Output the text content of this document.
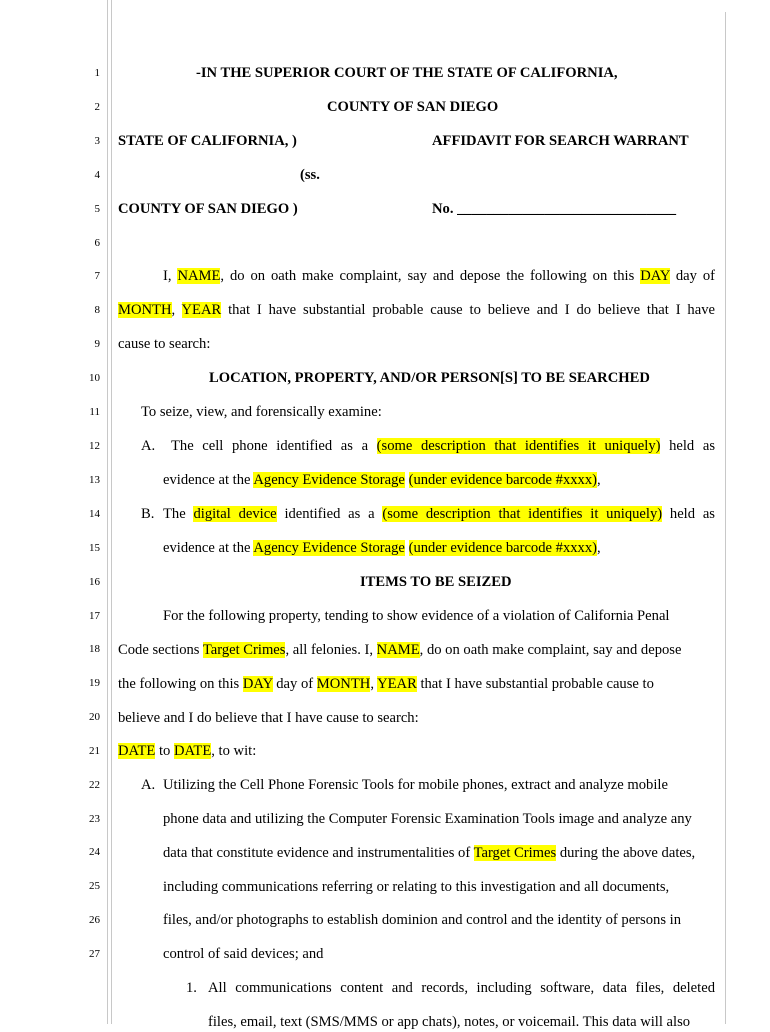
1
2
3
4
5
6
7
8
9
10
11
12
13
14
15
16
17
18
19
20
21
22
23
24
25
26
27
-IN THE SUPERIOR COURT OF THE STATE OF CALIFORNIA,
COUNTY OF SAN DIEGO
STATE OF CALIFORNIA, )	AFFIDAVIT FOR SEARCH WARRANT
(ss.
COUNTY OF SAN DIEGO )	No. ______________________________
I, NAME, do on oath make complaint, say and depose the following on this DAY day of
MONTH, YEAR that I have substantial probable cause to believe and I do believe that I have
cause to search:
LOCATION, PROPERTY, AND/OR PERSON[S] TO BE SEARCHED
To seize, view, and forensically examine:
A. The cell phone identified as a (some description that identifies it uniquely) held as
evidence at the Agency Evidence Storage (under evidence barcode #xxxx),
B. The digital device identified as a (some description that identifies it uniquely) held as
evidence at the Agency Evidence Storage (under evidence barcode #xxxx),
ITEMS TO BE SEIZED
For the following property, tending to show evidence of a violation of California Penal
Code sections Target Crimes, all felonies. I, NAME, do on oath make complaint, say and depose
the following on this DAY day of MONTH, YEAR that I have substantial probable cause to
believe and I do believe that I have cause to search:
DATE to DATE, to wit:
A. Utilizing the Cell Phone Forensic Tools for mobile phones, extract and analyze mobile
phone data and utilizing the Computer Forensic Examination Tools image and analyze any
data that constitute evidence and instrumentalities of Target Crimes during the above dates,
including communications referring or relating to this investigation and all documents,
files, and/or photographs to establish dominion and control and the identity of persons in
control of said devices; and
1. All communications content and records, including software, data files, deleted
files, email, text (SMS/MMS or app chats), notes, or voicemail. This data will also
